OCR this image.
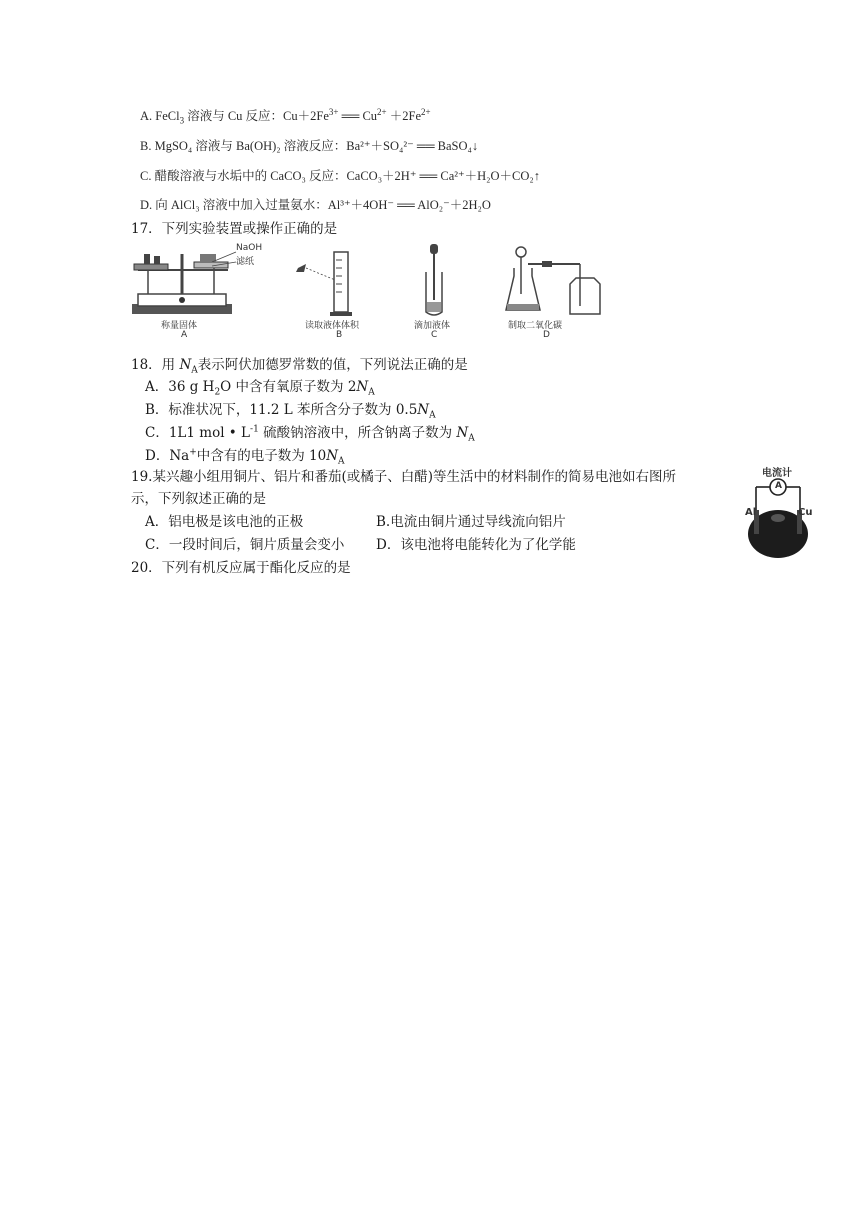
A. FeCl$_3$ 溶液与 Cu 反应：$Cu+2Fe^{3+}$ ══ $Cu^{2+} +2Fe^{2+}$
B. MgSO₄ 溶液与 Ba(OH)₂ 溶液反应：Ba²⁺＋SO₄²⁻ ══ BaSO₄↓
C. 醋酸溶液与水垢中的 CaCO₃ 反应：CaCO₃＋2H⁺ ══ Ca²⁺＋H₂O＋CO₂↑
D. 向 AlCl₃ 溶液中加入过量氨水：Al³⁺＋4OH⁻ ══ AlO₂⁻＋2H₂O
17．下列实验装置或操作正确的是
NaOH
滤纸
称量固体
A
读取液体体积
B
滴加液体
C
制取二氧化碳
D
18．用 $N_A$表示阿伏加德罗常数的值，下列说法正确的是
A．36 g $H_2O$ 中含有氧原子数为 $2N_A$
B．标准状况下，11.2 L 苯所含分子数为 $0.5N_A$
C．1L1 mol • $L^{-1}$ 硫酸钠溶液中，所含钠离子数为 $N_A$
D．Na+中含有的电子数为 $10N_A$
19.某兴趣小组用铜片、铝片和番茄(或橘子、白醋)等生活中的材料制作的简易电池如右图所
示，下列叙述正确的是
A．铝电极是该电池的正极	B.电流由铜片通过导线流向铝片
C．一段时间后，铜片质量会变小 D．该电池将电能转化为了化学能
电流计
A
Al	Cu
20．下列有机反应属于酯化反应的是
